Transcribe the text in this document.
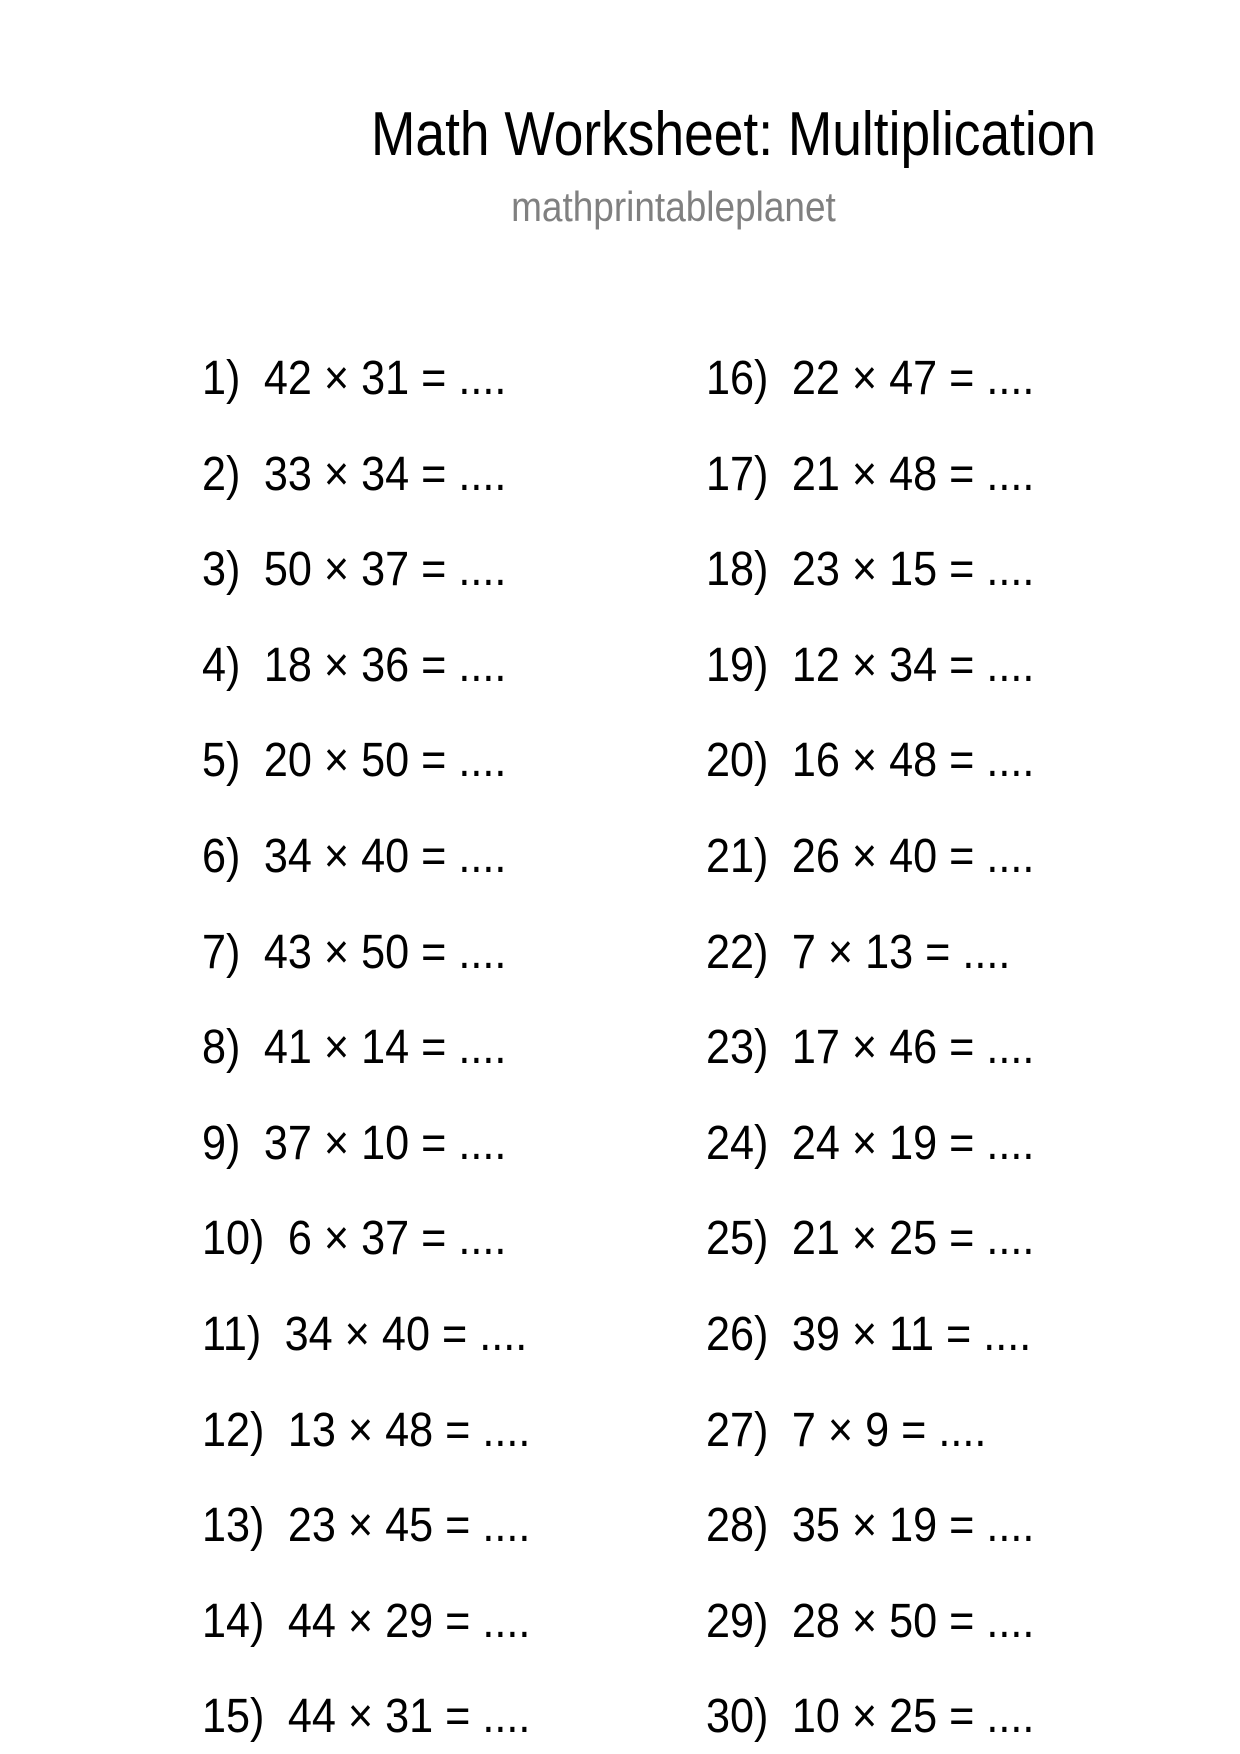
Math Worksheet: Multiplication
mathprintableplanet
1) 42 × 31 = ....
2) 33 × 34 = ....
3) 50 × 37 = ....
4) 18 × 36 = ....
5) 20 × 50 = ....
6) 34 × 40 = ....
7) 43 × 50 = ....
8) 41 × 14 = ....
9) 37 × 10 = ....
10) 6 × 37 = ....
11) 34 × 40 = ....
12) 13 × 48 = ....
13) 23 × 45 = ....
14) 44 × 29 = ....
15) 44 × 31 = ....
16) 22 × 47 = ....
17) 21 × 48 = ....
18) 23 × 15 = ....
19) 12 × 34 = ....
20) 16 × 48 = ....
21) 26 × 40 = ....
22) 7 × 13 = ....
23) 17 × 46 = ....
24) 24 × 19 = ....
25) 21 × 25 = ....
26) 39 × 11 = ....
27) 7 × 9 = ....
28) 35 × 19 = ....
29) 28 × 50 = ....
30) 10 × 25 = ....
